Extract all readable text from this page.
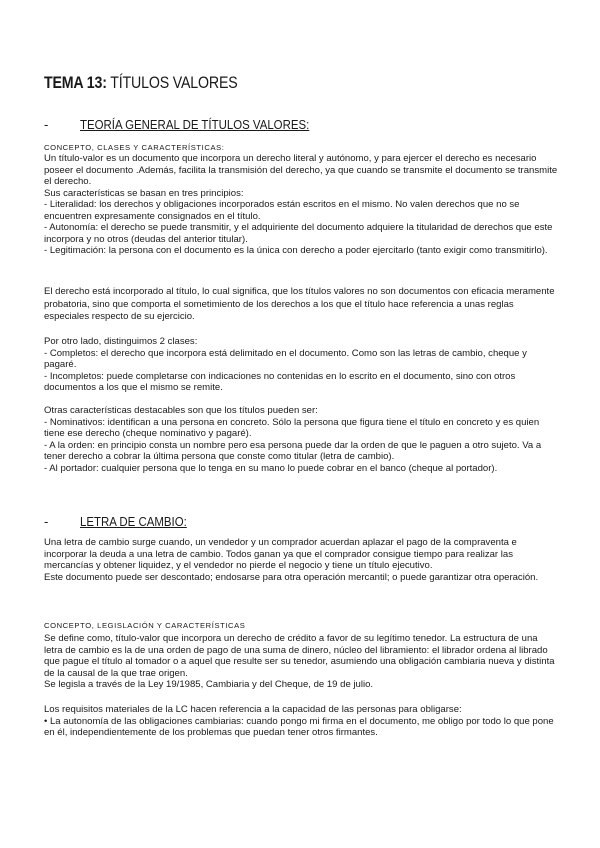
TEMA 13: TÍTULOS VALORES
- TEORÍA GENERAL DE TÍTULOS VALORES:
CONCEPTO, CLASES Y CARACTERÍSTICAS:

Un título-valor es un documento que incorpora un derecho literal y autónomo, y para ejercer el derecho es necesario poseer el documento .Además, facilita la transmisión del derecho, ya que cuando se transmite el documento se transmite el derecho.

Sus características se basan en tres principios:

- Literalidad: los derechos y obligaciones incorporados están escritos en el mismo. No valen derechos que no se encuentren expresamente consignados en el título.

- Autonomía: el derecho se puede transmitir, y el adquiriente del documento adquiere la titularidad de derechos que este incorpora y no otros (deudas del anterior titular).

- Legitimación: la persona con el documento es la única con derecho a poder ejercitarlo (tanto exigir como transmitirlo).

El derecho está incorporado al título, lo cual significa, que los títulos valores no son documentos con eficacia meramente probatoria, sino que comporta el sometimiento de los derechos a los que el título hace referencia a unas reglas especiales respecto de su ejercicio.

Por otro lado, distinguimos 2 clases:

- Completos: el derecho que incorpora está delimitado en el documento. Como son las letras de cambio, cheque y pagaré.

- Incompletos: puede completarse con indicaciones no contenidas en lo escrito en el documento, sino con otros documentos a los que el mismo se remite.

Otras características destacables son que los títulos pueden ser:

- Nominativos: identifican a una persona en concreto. Sólo la persona que figura tiene el título en concreto y es quien tiene ese derecho (cheque nominativo y pagaré).

- A la orden: en principio consta un nombre pero esa persona puede dar la orden de que le paguen a otro sujeto. Va a tener derecho a cobrar la última persona que conste como titular (letra de cambio).

- Al portador: cualquier persona que lo tenga en su mano lo puede cobrar en el banco (cheque al portador).

- LETRA DE CAMBIO:

Una letra de cambio surge cuando, un vendedor y un comprador acuerdan aplazar el pago de la compraventa e incorporar la deuda a una letra de cambio. Todos ganan ya que el comprador consigue tiempo para realizar las mercancías y obtener liquidez, y el vendedor no pierde el negocio y tiene un título ejecutivo.

Este documento puede ser descontado; endosarse para otra operación mercantil; o puede garantizar otra operación.

CONCEPTO, LEGISLACIÓN Y CARACTERÍSTICAS

Se define como, título-valor que incorpora un derecho de crédito a favor de su legítimo tenedor. La estructura de una letra de cambio es la de una orden de pago de una suma de dinero, núcleo del libramiento: el librador ordena al librado que pague el título al tomador o a aquel que resulte ser su tenedor, asumiendo una obligación cambiaria nueva y distinta de la causal de la que trae origen.

Se legisla a través de la Ley 19/1985, Cambiaria y del Cheque, de 19 de julio.

Los requisitos materiales de la LC hacen referencia a la capacidad de las personas para obligarse:

• La autonomía de las obligaciones cambiarias: cuando pongo mi firma en el documento, me obligo por todo lo que pone en él, independientemente de los problemas que puedan tener otros firmantes.
